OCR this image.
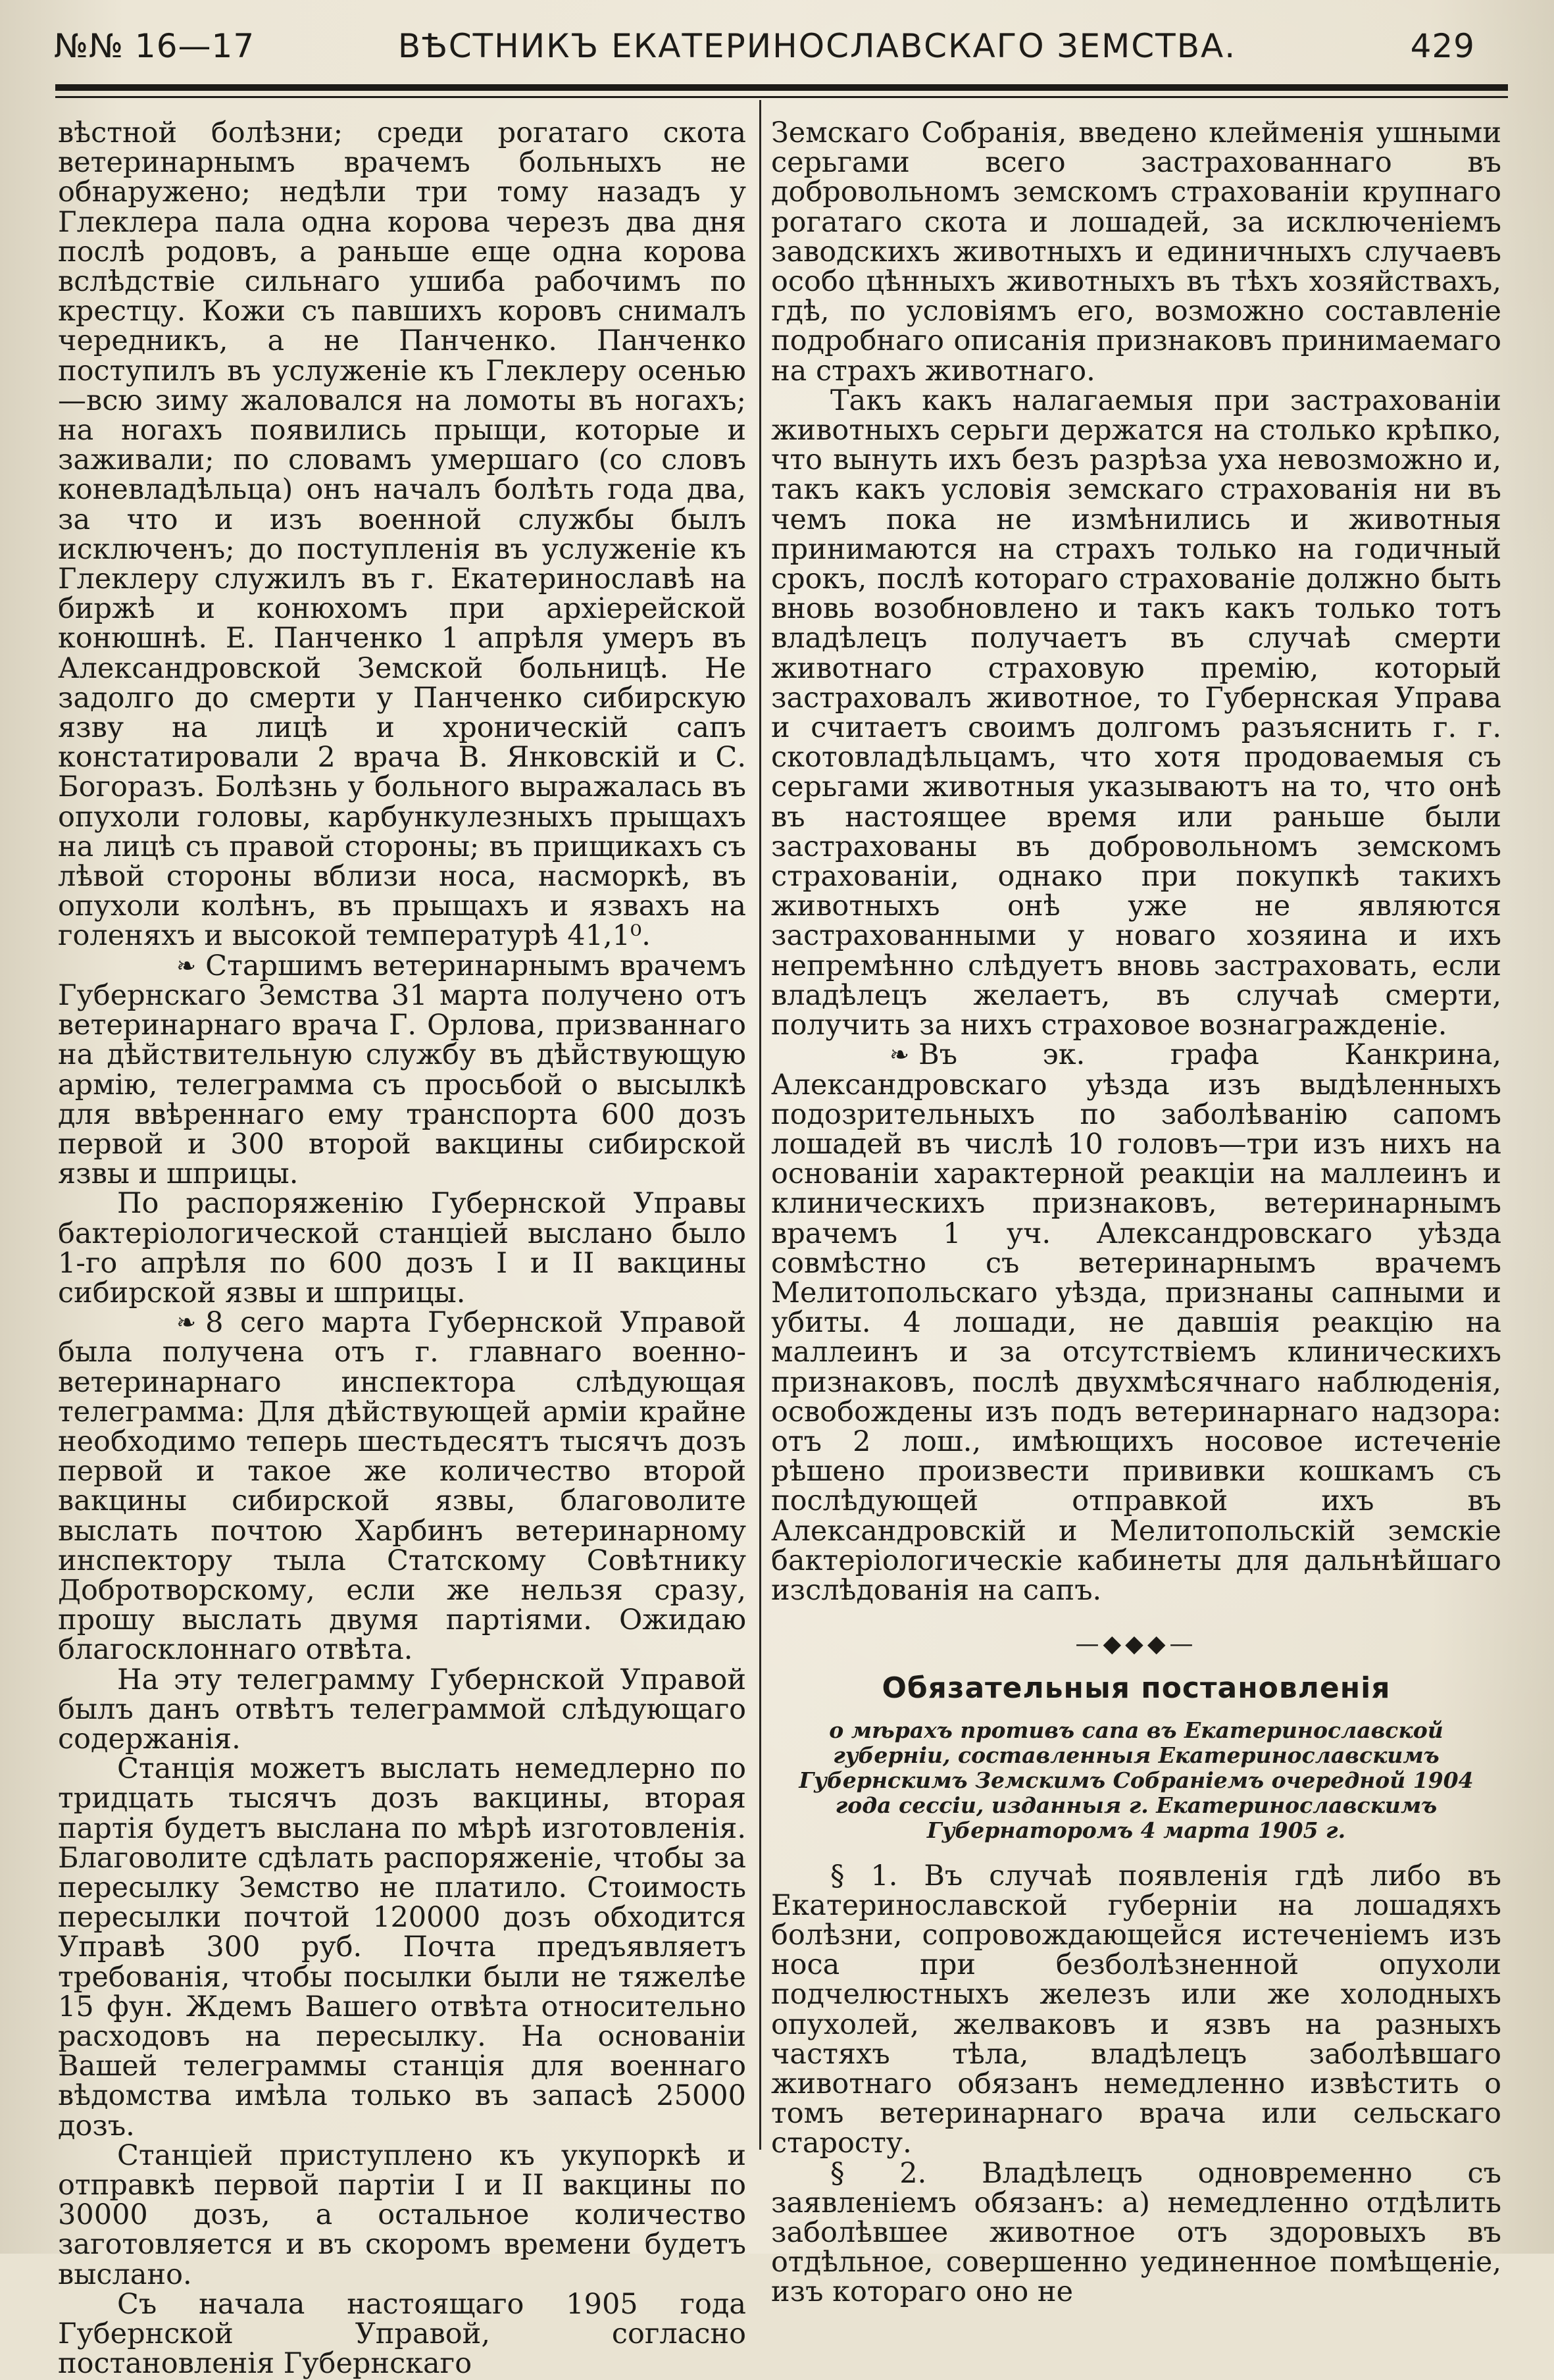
№№ 16—17	ВѢСТНИКЪ ЕКАТЕРИНОСЛАВСКАГО ЗЕМСТВА.	429

вѣстной болѣзни; среди рогатаго скота ветеринарнымъ врачемъ больныхъ не обнаружено; недѣли три тому назадъ у Глеклера пала одна корова черезъ два дня послѣ родовъ, а раньше еще одна корова вслѣдствіе сильнаго ушиба рабочимъ по крестцу. Кожи съ павшихъ коровъ снималъ чередникъ, а не Панченко. Панченко поступилъ въ услуженіе къ Глеклеру осенью—всю зиму жаловался на ломоты въ ногахъ; на ногахъ появились прыщи, которые и заживали; по словамъ умершаго (со словъ коневладѣльца) онъ началъ болѣть года два, за что и изъ военной службы былъ исключенъ; до поступленія въ услуженіе къ Глеклеру служилъ въ г. Екатеринославѣ на биржѣ и конюхомъ при архіерейской конюшнѣ. Е. Панченко 1 апрѣля умеръ въ Александровской Земской больницѣ. Не задолго до смерти у Панченко сибирскую язву на лицѣ и хроническій сапъ констатировали 2 врача В. Янковскій и С. Богоразъ. Болѣзнь у больного выражалась въ опухоли головы, карбункулезныхъ прыщахъ на лицѣ съ правой стороны; въ прищикахъ съ лѣвой стороны вблизи носа, насморкѣ, въ опухоли колѣнъ, въ прыщахъ и язвахъ на голеняхъ и высокой температурѣ 41,1⁰.

❧ Старшимъ ветеринарнымъ врачемъ Губернскаго Земства 31 марта получено отъ ветеринарнаго врача Г. Орлова, призваннаго на дѣйствительную службу въ дѣйствующую армію, телеграмма съ просьбой о высылкѣ для ввѣреннаго ему транспорта 600 дозъ первой и 300 второй вакцины сибирской язвы и шприцы.

По распоряженію Губернской Управы бактеріологической станціей выслано было 1-го апрѣля по 600 дозъ I и II вакцины сибирской язвы и шприцы.

❧ 8 сего марта Губернской Управой была получена отъ г. главнаго военно-ветеринарнаго инспектора слѣдующая телеграмма: Для дѣйствующей арміи крайне необходимо теперь шестьдесятъ тысячъ дозъ первой и такое же количество второй вакцины сибирской язвы, благоволите выслать почтою Харбинъ ветеринарному инспектору тыла Статскому Совѣтнику Добротворскому, если же нельзя сразу, прошу выслать двумя партіями. Ожидаю благосклоннаго отвѣта.

На эту телеграмму Губернской Управой былъ данъ отвѣтъ телеграммой слѣдующаго содержанія.

Станція можетъ выслать немедлерно по тридцать тысячъ дозъ вакцины, вторая партія будетъ выслана по мѣрѣ изготовленія. Благоволите сдѣлать распоряженіе, чтобы за пересылку Земство не платило. Стоимость пересылки почтой 120000 дозъ обходится Управѣ 300 руб. Почта предъявляетъ требованія, чтобы посылки были не тяжелѣе 15 фун. Ждемъ Вашего отвѣта относительно расходовъ на пересылку. На основаніи Вашей телеграммы станція для военнаго вѣдомства имѣла только въ запасѣ 25000 дозъ.

Станціей приступлено къ укупоркѣ и отправкѣ первой партіи I и II вакцины по 30000 дозъ, а остальное количество заготовляется и въ скоромъ времени будетъ выслано.

Съ начала настоящаго 1905 года Губернской Управой, согласно постановленія Губернскаго

Земскаго Собранія, введено клейменія ушными серьгами всего застрахованнаго въ добровольномъ земскомъ страхованіи крупнаго рогатаго скота и лошадей, за исключеніемъ заводскихъ животныхъ и единичныхъ случаевъ особо цѣнныхъ животныхъ въ тѣхъ хозяйствахъ, гдѣ, по условіямъ его, возможно составленіе подробнаго описанія признаковъ принимаемаго на страхъ животнаго.

Такъ какъ налагаемыя при застрахованіи животныхъ серьги держатся на столько крѣпко, что вынуть ихъ безъ разрѣза уха невозможно и, такъ какъ условія земскаго страхованія ни въ чемъ пока не измѣнились и животныя принимаются на страхъ только на годичный срокъ, послѣ котораго страхованіе должно быть вновь возобновлено и такъ какъ только тотъ владѣлецъ получаетъ въ случаѣ смерти животнаго страховую премію, который застраховалъ животное, то Губернская Управа и считаетъ своимъ долгомъ разъяснить г. г. скотовладѣльцамъ, что хотя продоваемыя съ серьгами животныя указываютъ на то, что онѣ въ настоящее время или раньше были застрахованы въ добровольномъ земскомъ страхованіи, однако при покупкѣ такихъ животныхъ онѣ уже не являются застрахованными у новаго хозяина и ихъ непремѣнно слѣдуетъ вновь застраховать, если владѣлецъ желаетъ, въ случаѣ смерти, получить за нихъ страховое вознагражденіе.

❧ Въ эк. графа Канкрина, Александровскаго уѣзда изъ выдѣленныхъ подозрительныхъ по заболѣванію сапомъ лошадей въ числѣ 10 головъ—три изъ нихъ на основаніи характерной реакціи на маллеинъ и клиническихъ признаковъ, ветеринарнымъ врачемъ 1 уч. Александровскаго уѣзда совмѣстно съ ветеринарнымъ врачемъ Мелитопольскаго уѣзда, признаны сапными и убиты. 4 лошади, не давшія реакцію на маллеинъ и за отсутствіемъ клиническихъ признаковъ, послѣ двухмѣсячнаго наблюденія, освобождены изъ подъ ветеринарнаго надзора: отъ 2 лош., имѣющихъ носовое истеченіе рѣшено произвести прививки кошкамъ съ послѣдующей отправкой ихъ въ Александровскій и Мелитопольскій земскіе бактеріологическіе кабинеты для дальнѣйшаго изслѣдованія на сапъ.

—◆◆◆—
Обязательныя постановленія
о мѣрахъ противъ сапа въ Екатеринославской губерніи, составленныя Екатеринославскимъ Губернскимъ Земскимъ Собраніемъ очередной 1904 года сессіи, изданныя г. Екатеринославскимъ Губернаторомъ 4 марта 1905 г.

§ 1. Въ случаѣ появленія гдѣ либо въ Екатеринославской губерніи на лошадяхъ болѣзни, сопровождающейся истеченіемъ изъ носа при безболѣзненной опухоли подчелюстныхъ железъ или же холодныхъ опухолей, желваковъ и язвъ на разныхъ частяхъ тѣла, владѣлецъ заболѣвшаго животнаго обязанъ немедленно извѣстить о томъ ветеринарнаго врача или сельскаго старосту.

§ 2. Владѣлецъ одновременно съ заявленіемъ обязанъ: а) немедленно отдѣлить заболѣвшее животное отъ здоровыхъ въ отдѣльное, совершенно уединенное помѣщеніе, изъ котораго оно не
